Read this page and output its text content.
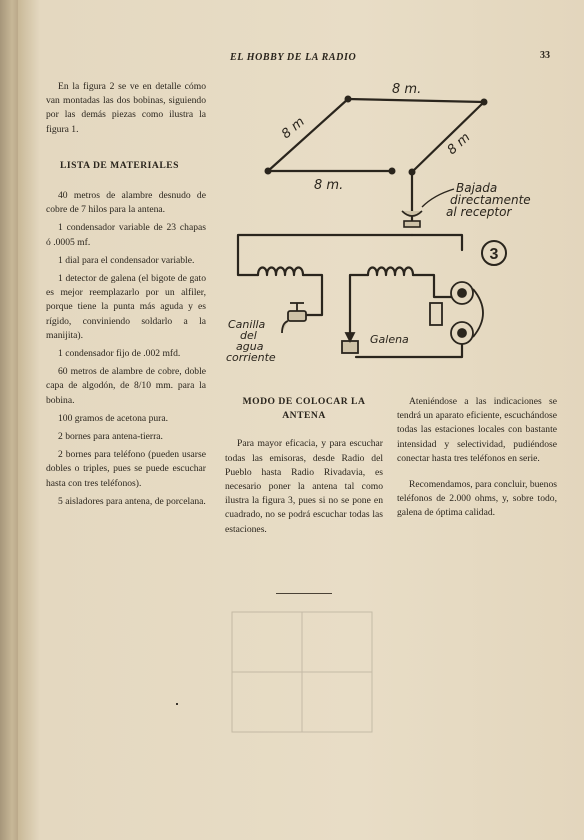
EL HOBBY DE LA RADIO	33

En la figura 2 se ve en detalle cómo van montadas las dos bobinas, siguiendo por las demás piezas como ilustra la figura 1.

LISTA DE MATERIALES

40 metros de alambre desnudo de cobre de 7 hilos para la antena.

1 condensador variable de 23 chapas ó .0005 mf.

1 dial para el condensador variable.

1 detector de galena (el bigote de gato es mejor reemplazarlo por un alfiler, porque tiene la punta más aguda y es rígido, conviniendo soldarlo a la manijita).

1 condensador fijo de .002 mfd.

60 metros de alambre de cobre, doble capa de algodón, de 8/10 mm. para la bobina.

100 gramos de acetona pura.

2 bornes para antena-tierra.

2 bornes para teléfono (pueden usarse dobles o triples, pues se puede escuchar hasta con tres teléfonos).

5 aisladores para antena, de porcelana.

MODO DE COLOCAR LA ANTENA

Para mayor eficacia, y para escuchar todas las emisoras, desde Radio del Pueblo hasta Radio Rivadavia, es necesario poner la antena tal como ilustra la figura 3, pues si no se pone en cuadrado, no se podrá escuchar todas las estaciones.

Ateniéndose a las indicaciones se tendrá un aparato eficiente, escuchándose todas las estaciones locales con bastante intensidad y selectividad, pudiéndose conectar hasta tres teléfonos en serie.

Recomendamos, para concluir, buenos teléfonos de 2.000 ohms, y, sobre todo, galena de óptima calidad.

3
8 m.
8 m
8 m
8 m.	Bajada
directamente
al receptor
Canilla
del
agua
corriente
Galena
